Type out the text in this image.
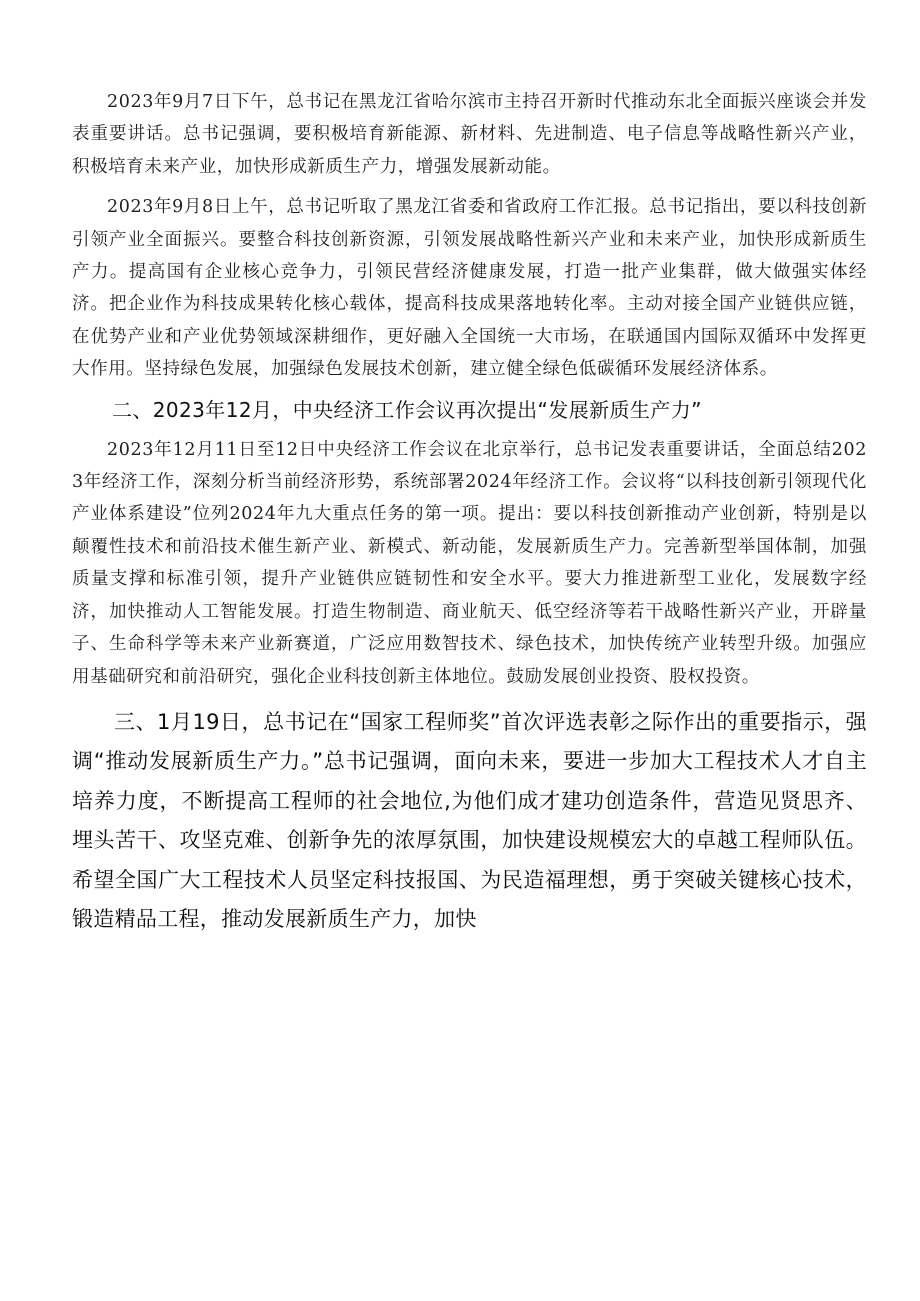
2023年9月7日下午，总书记在黑龙江省哈尔滨市主持召开新时代推动东北全面振兴座谈会并发表重要讲话。总书记强调，要积极培育新能源、新材料、先进制造、电子信息等战略性新兴产业，积极培育未来产业，加快形成新质生产力，增强发展新动能。

2023年9月8日上午，总书记听取了黑龙江省委和省政府工作汇报。总书记指出，要以科技创新引领产业全面振兴。要整合科技创新资源，引领发展战略性新兴产业和未来产业，加快形成新质生产力。提高国有企业核心竞争力，引领民营经济健康发展，打造一批产业集群，做大做强实体经济。把企业作为科技成果转化核心载体，提高科技成果落地转化率。主动对接全国产业链供应链，在优势产业和产业优势领域深耕细作，更好融入全国统一大市场，在联通国内国际双循环中发挥更大作用。坚持绿色发展，加强绿色发展技术创新，建立健全绿色低碳循环发展经济体系。

二、2023年12月，中央经济工作会议再次提出“发展新质生产力”

2023年12月11日至12日中央经济工作会议在北京举行，总书记发表重要讲话，全面总结2023年经济工作，深刻分析当前经济形势，系统部署2024年经济工作。会议将“以科技创新引领现代化产业体系建设”位列2024年九大重点任务的第一项。提出：要以科技创新推动产业创新，特别是以颠覆性技术和前沿技术催生新产业、新模式、新动能，发展新质生产力。完善新型举国体制，加强质量支撑和标准引领，提升产业链供应链韧性和安全水平。要大力推进新型工业化，发展数字经济，加快推动人工智能发展。打造生物制造、商业航天、低空经济等若干战略性新兴产业，开辟量子、生命科学等未来产业新赛道，广泛应用数智技术、绿色技术，加快传统产业转型升级。加强应用基础研究和前沿研究，强化企业科技创新主体地位。鼓励发展创业投资、股权投资。

三、1月19日，总书记在“国家工程师奖”首次评选表彰之际作出的重要指示，强调“推动发展新质生产力。”总书记强调，面向未来，要进一步加大工程技术人才自主培养力度，不断提高工程师的社会地位,为他们成才建功创造条件，营造见贤思齐、埋头苦干、攻坚克难、创新争先的浓厚氛围，加快建设规模宏大的卓越工程师队伍。希望全国广大工程技术人员坚定科技报国、为民造福理想，勇于突破关键核心技术，锻造精品工程，推动发展新质生产力，加快
